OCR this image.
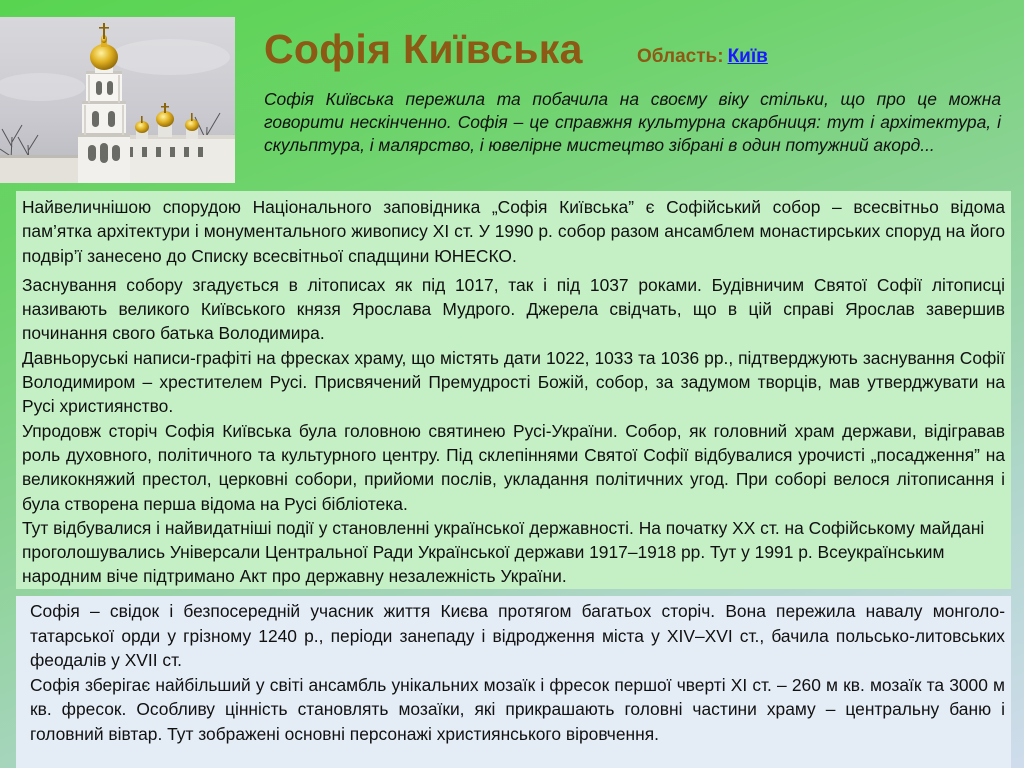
Софія Київська	Область: Київ

Софія Київська пережила та побачила на своєму віку стільки, що про це можна говорити нескінченно. Софія – це справжня культурна скарбниця: тут і архітектура, і скульптура, і малярство, і ювелірне мистецтво зібрані в один потужний акорд...

Найвеличнішою спорудою Національного заповідника „Софія Київська” є Софійський собор – всесвітньо відома пам’ятка архітектури і монументального живопису XI ст. У 1990 р. собор разом ансамблем монастирських споруд на його подвір’ї занесено до Списку всесвітньої спадщини ЮНЕСКО.

Заснування собору згадується в літописах як під 1017, так і під 1037 роками. Будівничим Святої Софії літописці називають великого Київського князя Ярослава Мудрого. Джерела свідчать, що в цій справі Ярослав завершив починання свого батька Володимира.

Давньоруські написи-графіті на фресках храму, що містять дати 1022, 1033 та 1036 рр., підтверджують заснування Софії Володимиром – хрестителем Русі. Присвячений Премудрості Божій, собор, за задумом творців, мав утверджувати на Русі християнство.

Упродовж сторіч Софія Київська була головною святинею Русі-України. Собор, як головний храм держави, відігравав роль духовного, політичного та культурного центру. Під склепіннями Святої Софії відбувалися урочисті „посадження” на великокняжий престол, церковні собори, прийоми послів, укладання політичних угод. При соборі велося літописання і була створена перша відома на Русі бібліотека.

Тут відбувалися і найвидатніші події у становленні української державності. На початку XX ст. на Софійському майдані проголошувались Універсали Центральної Ради Української держави 1917–1918 рр. Тут у 1991 р. Всеукраїнським народним віче підтримано Акт про державну незалежність України.

Софія – свідок і безпосередній учасник життя Києва протягом багатьох сторіч. Вона пережила навалу монголо-татарської орди у грізному 1240 р., періоди занепаду і відродження міста у XIV–XVI ст., бачила польсько-литовських феодалів у XVII ст.

Софія зберігає найбільший у світі ансамбль унікальних мозаїк і фресок першої чверті XI ст. – 260 м кв. мозаїк та 3000 м кв. фресок. Особливу цінність становлять мозаїки, які прикрашають головні частини храму – центральну баню і головний вівтар. Тут зображені основні персонажі християнського віровчення.
